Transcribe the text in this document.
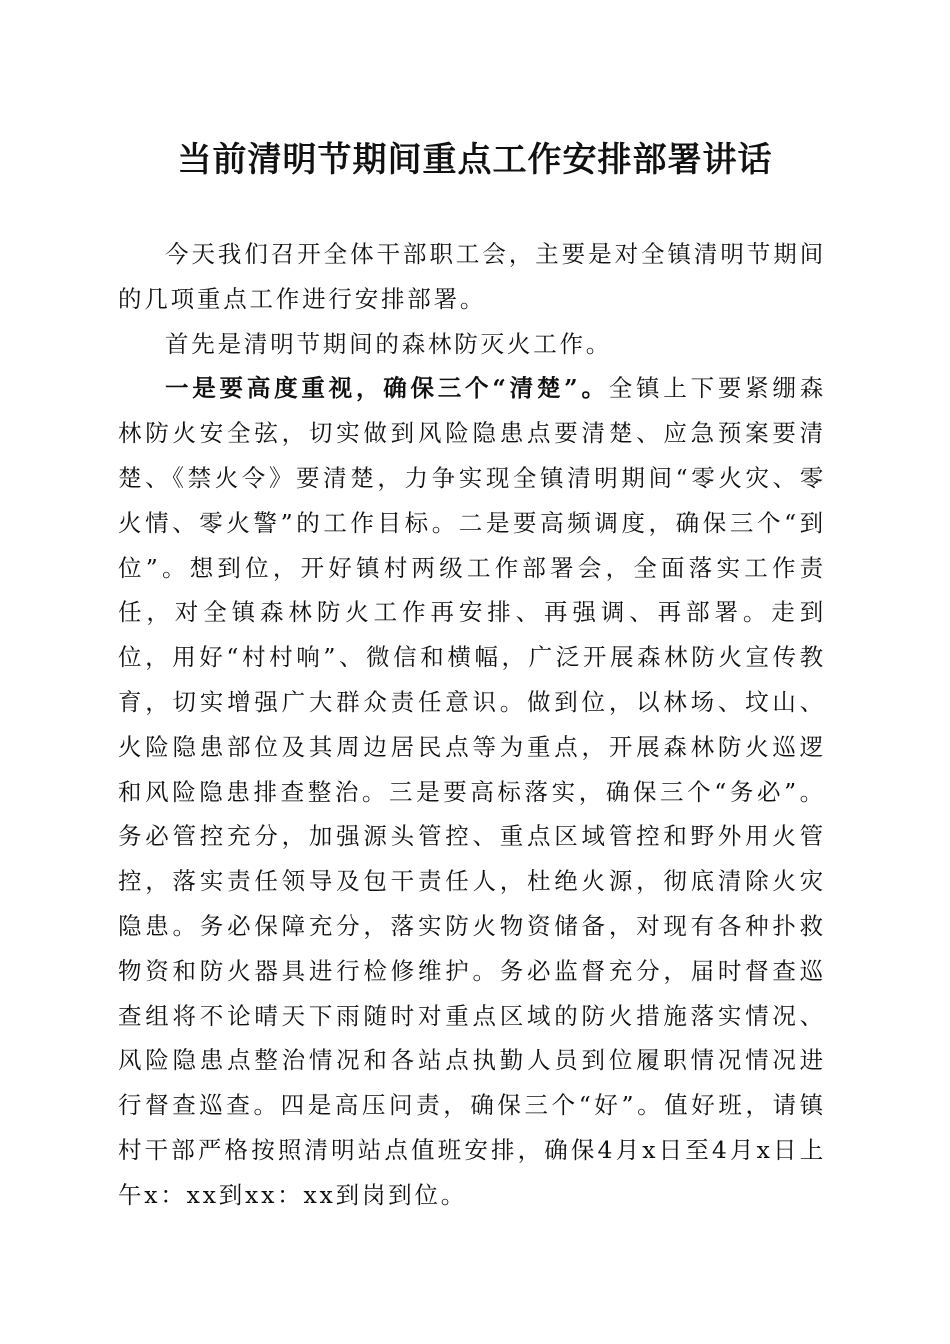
当前清明节期间重点工作安排部署讲话

今天我们召开全体干部职工会，主要是对全镇清明节期间的几项重点工作进行安排部署。

首先是清明节期间的森林防灭火工作。

一是要高度重视，确保三个“清楚”。全镇上下要紧绷森林防火安全弦，切实做到风险隐患点要清楚、应急预案要清楚、《禁火令》要清楚，力争实现全镇清明期间“零火灾、零火情、零火警”的工作目标。二是要高频调度，确保三个“到位”。想到位，开好镇村两级工作部署会，全面落实工作责任，对全镇森林防火工作再安排、再强调、再部署。走到位，用好“村村响”、微信和横幅，广泛开展森林防火宣传教育，切实增强广大群众责任意识。做到位，以林场、坟山、火险隐患部位及其周边居民点等为重点，开展森林防火巡逻和风险隐患排查整治。三是要高标落实，确保三个“务必”。务必管控充分，加强源头管控、重点区域管控和野外用火管控，落实责任领导及包干责任人，杜绝火源，彻底清除火灾隐患。务必保障充分，落实防火物资储备，对现有各种扑救物资和防火器具进行检修维护。务必监督充分，届时督查巡查组将不论晴天下雨随时对重点区域的防火措施落实情况、风险隐患点整治情况和各站点执勤人员到位履职情况情况进行督查巡查。四是高压问责，确保三个“好”。值好班，请镇村干部严格按照清明站点值班安排，确保4月x日至4月x日上午x：xx到xx：xx到岗到位。
